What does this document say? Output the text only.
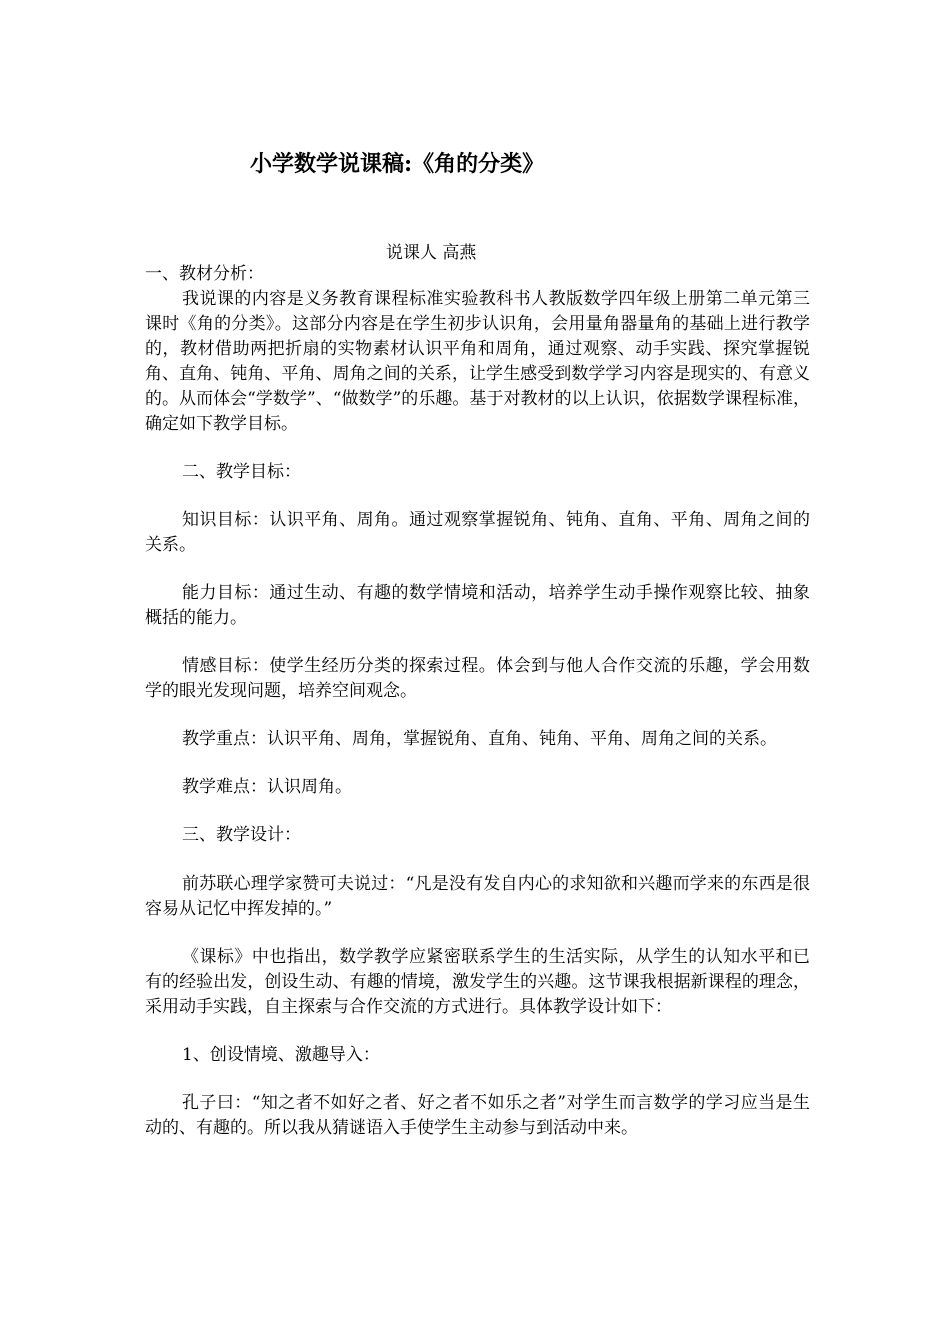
小学数学说课稿:《角的分类》
说课人 高燕

一、教材分析：

我说课的内容是义务教育课程标准实验教科书人教版数学四年级上册第二单元第三课时《角的分类》。这部分内容是在学生初步认识角，会用量角器量角的基础上进行教学的，教材借助两把折扇的实物素材认识平角和周角，通过观察、动手实践、探究掌握锐角、直角、钝角、平角、周角之间的关系，让学生感受到数学学习内容是现实的、有意义的。从而体会“学数学”、“做数学”的乐趣。基于对教材的以上认识，依据数学课程标准，确定如下教学目标。

二、教学目标：

知识目标：认识平角、周角。通过观察掌握锐角、钝角、直角、平角、周角之间的关系。

能力目标：通过生动、有趣的数学情境和活动，培养学生动手操作观察比较、抽象概括的能力。

情感目标：使学生经历分类的探索过程。体会到与他人合作交流的乐趣，学会用数学的眼光发现问题，培养空间观念。

教学重点：认识平角、周角，掌握锐角、直角、钝角、平角、周角之间的关系。

教学难点：认识周角。

三、教学设计：

前苏联心理学家赞可夫说过：“凡是没有发自内心的求知欲和兴趣而学来的东西是很容易从记忆中挥发掉的。”

《课标》中也指出，数学教学应紧密联系学生的生活实际，从学生的认知水平和已有的经验出发，创设生动、有趣的情境，激发学生的兴趣。这节课我根据新课程的理念，采用动手实践，自主探索与合作交流的方式进行。具体教学设计如下：

1、创设情境、激趣导入：

孔子曰：“知之者不如好之者、好之者不如乐之者”对学生而言数学的学习应当是生动的、有趣的。所以我从猜谜语入手使学生主动参与到活动中来。
